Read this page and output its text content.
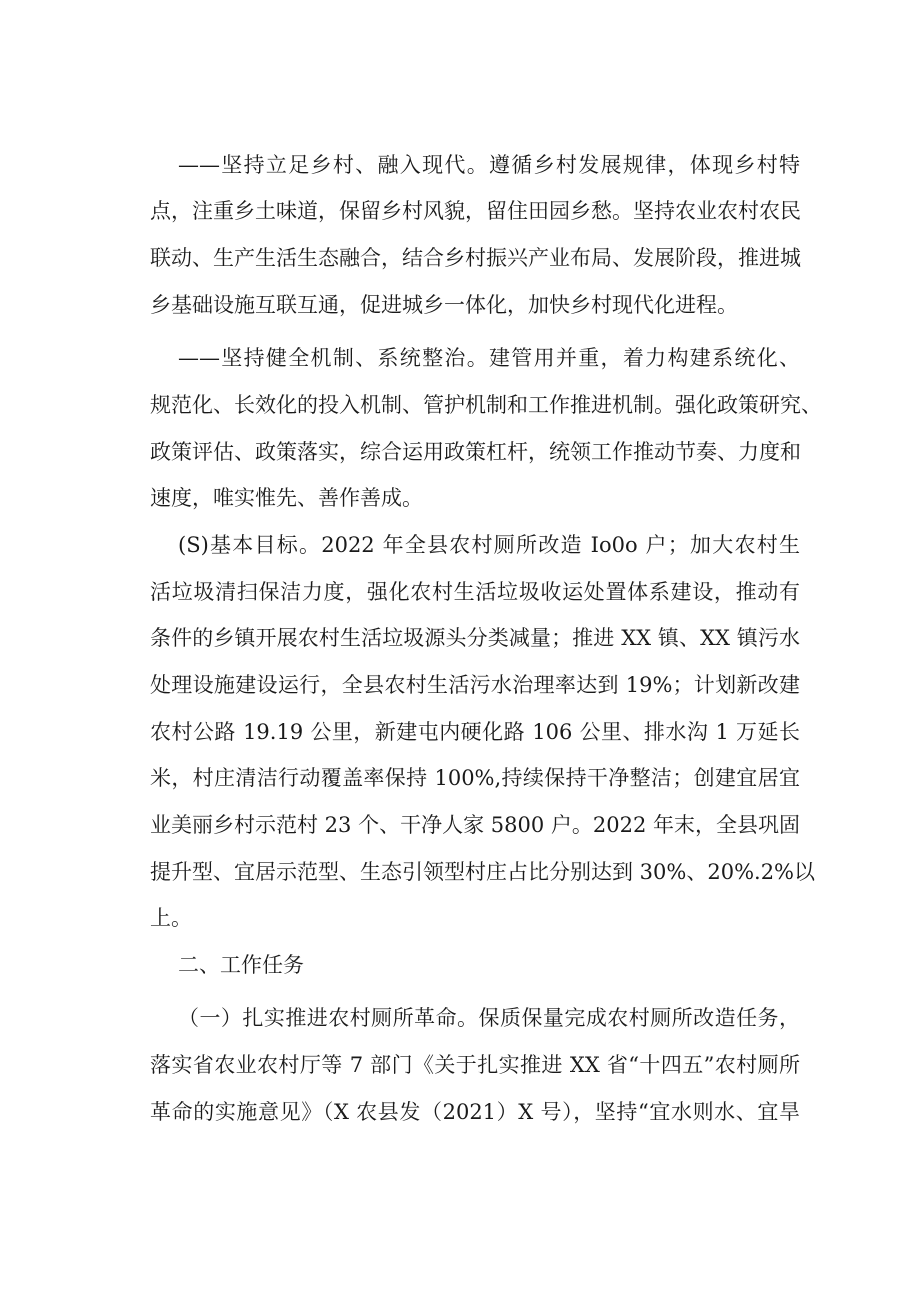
——坚持立足乡村、融入现代。遵循乡村发展规律，体现乡村特
点，注重乡土味道，保留乡村风貌，留住田园乡愁。坚持农业农村农民
联动、生产生活生态融合，结合乡村振兴产业布局、发展阶段，推进城
乡基础设施互联互通，促进城乡一体化，加快乡村现代化进程。
——坚持健全机制、系统整治。建管用并重，着力构建系统化、
规范化、长效化的投入机制、管护机制和工作推进机制。强化政策研究、
政策评估、政策落实，综合运用政策杠杆，统领工作推动节奏、力度和
速度，唯实惟先、善作善成。
(S)基本目标。2022 年全县农村厕所改造 Io0o 户；加大农村生
活垃圾清扫保洁力度，强化农村生活垃圾收运处置体系建设，推动有
条件的乡镇开展农村生活垃圾源头分类减量；推进 XX 镇、XX 镇污水
处理设施建设运行，全县农村生活污水治理率达到 19%；计划新改建
农村公路 19.19 公里，新建屯内硬化路 106 公里、排水沟 1 万延长
米，村庄清洁行动覆盖率保持 100%,持续保持干净整洁；创建宜居宜
业美丽乡村示范村 23 个、干净人家 5800 户。2022 年末，全县巩固
提升型、宜居示范型、生态引领型村庄占比分别达到 30%、20%.2%以
上。
二、工作任务
（一）扎实推进农村厕所革命。保质保量完成农村厕所改造任务，
落实省农业农村厅等 7 部门《关于扎实推进 XX 省“十四五”农村厕所
革命的实施意见》（X 农县发（2021）X 号），坚持“宜水则水、宜旱
